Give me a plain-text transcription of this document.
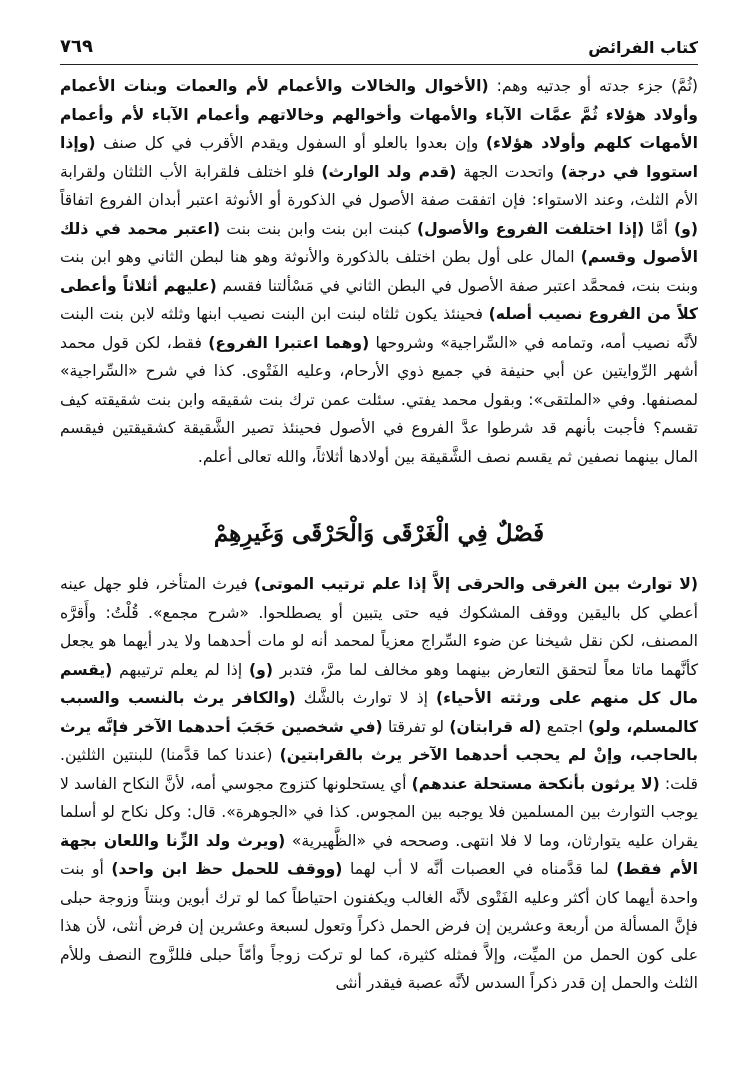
كتاب الفرائض
٧٦٩

(ثُمَّ) جزء جدته أو جدتيه وهم: (الأخوال والخالات والأعمام لأم والعمات وبنات الأعمام وأولاد هؤلاء ثُمَّ عمَّات الآباء والأمهات وأخوالهم وخالاتهم وأعمام الآباء لأم وأعمام الأمهات كلهم وأولاد هؤلاء) وإن بعدوا بالعلو أو السفول ويقدم الأقرب في كل صنف (وإذا استووا في درجة) واتحدت الجهة (قدم ولد الوارث) فلو اختلف فلقرابة الأب الثلثان ولقرابة الأم الثلث، وعند الاستواء: فإن اتفقت صفة الأصول في الذكورة أو الأنوثة اعتبر أبدان الفروع اتفاقاً (و) أمَّا (إذا اختلفت الفروع والأصول) كبنت ابن بنت وابن بنت بنت (اعتبر محمد في ذلك الأصول وقسم) المال على أول بطن اختلف بالذكورة والأنوثة وهو هنا لبطن الثاني وهو ابن بنت وبنت بنت، فمحمَّد اعتبر صفة الأصول في البطن الثاني في مَسْألتنا فقسم (عليهم أثلاثاً وأعطى كلاً من الفروع نصيب أصله) فحينئذ يكون ثلثاه لبنت ابن البنت نصيب ابنها وثلثه لابن بنت البنت لأنَّه نصيب أمه، وتمامه في «السِّراجية» وشروحها (وهما اعتبرا الفروع) فقط، لكن قول محمد أشهر الرِّوايتين عن أبي حنيفة في جميع ذوي الأرحام، وعليه الفَتْوى. كذا في شرح «السِّراجية» لمصنفها. وفي «الملتقى»: وبقول محمد يفتي. سئلت عمن ترك بنت شقيقه وابن بنت شقيقته كيف تقسم؟ فأجبت بأنهم قد شرطوا عدَّ الفروع في الأصول فحينئذ تصير الشَّقيقة كشقيقتين فيقسم المال بينهما نصفين ثم يقسم نصف الشَّقيقة بين أولادها أثلاثاً، والله تعالى أعلم.

فَصْلٌ فِي الْغَرْقَى وَالْحَرْقَى وَغَيرِهِمْ

(لا توارث بين الغرقى والحرقى إلاَّ إذا علم ترتيب الموتى) فيرث المتأخر، فلو جهل عينه أعطي كل باليقين ووقف المشكوك فيه حتى يتبين أو يصطلحوا. «شرح مجمع». قُلْتُ: وأَقرَّه المصنف، لكن نقل شيخنا عن ضوء السِّراج معزياً لمحمد أنه لو مات أحدهما ولا يدر أيهما هو يجعل كأنَّهما ماتا معاً لتحقق التعارض بينهما وهو مخالف لما مرَّ، فتدبر (و) إذا لم يعلم ترتيبهم (يقسم مال كل منهم على ورثته الأحياء) إذ لا توارث بالشَّك (والكافر يرث بالنسب والسبب كالمسلم، ولو) اجتمع (له قرابتان) لو تفرقتا (في شخصين حَجَبَ أحدهما الآخر فإنَّه يرث بالحاجب، وإنْ لم يحجب أحدهما الآخر يرث بالقرابتين) (عندنا كما قدَّمنا) للبنتين الثلثين. قلت: (لا يرثون بأنكحة مستحلة عندهم) أي يستحلونها كتزوج مجوسي أمه، لأنَّ النكاح الفاسد لا يوجب التوارث بين المسلمين فلا يوجبه بين المجوس. كذا في «الجوهرة». قال: وكل نكاح لو أسلما يقران عليه يتوارثان، وما لا فلا انتهى. وصححه في «الظَّهيرية» (ويرث ولد الزِّنا واللعان بجهة الأم فقط) لما قدَّمناه في العصبات أنَّه لا أب لهما (ووقف للحمل حظ ابن واحد) أو بنت واحدة أيهما كان أكثر وعليه الفَتْوى لأنَّه الغالب ويكفنون احتياطاً كما لو ترك أبوين وبنتاً وزوجة حبلى فإنَّ المسألة من أربعة وعشرين إن فرض الحمل ذكراً وتعول لسبعة وعشرين إن فرض أنثى، لأن هذا على كون الحمل من الميِّت، وإلاَّ فمثله كثيرة، كما لو تركت زوجاً وأمّاً حبلى فللزَّوج النصف وللأم الثلث والحمل إن قدر ذكراً السدس لأنَّه عصبة فيقدر أنثى
